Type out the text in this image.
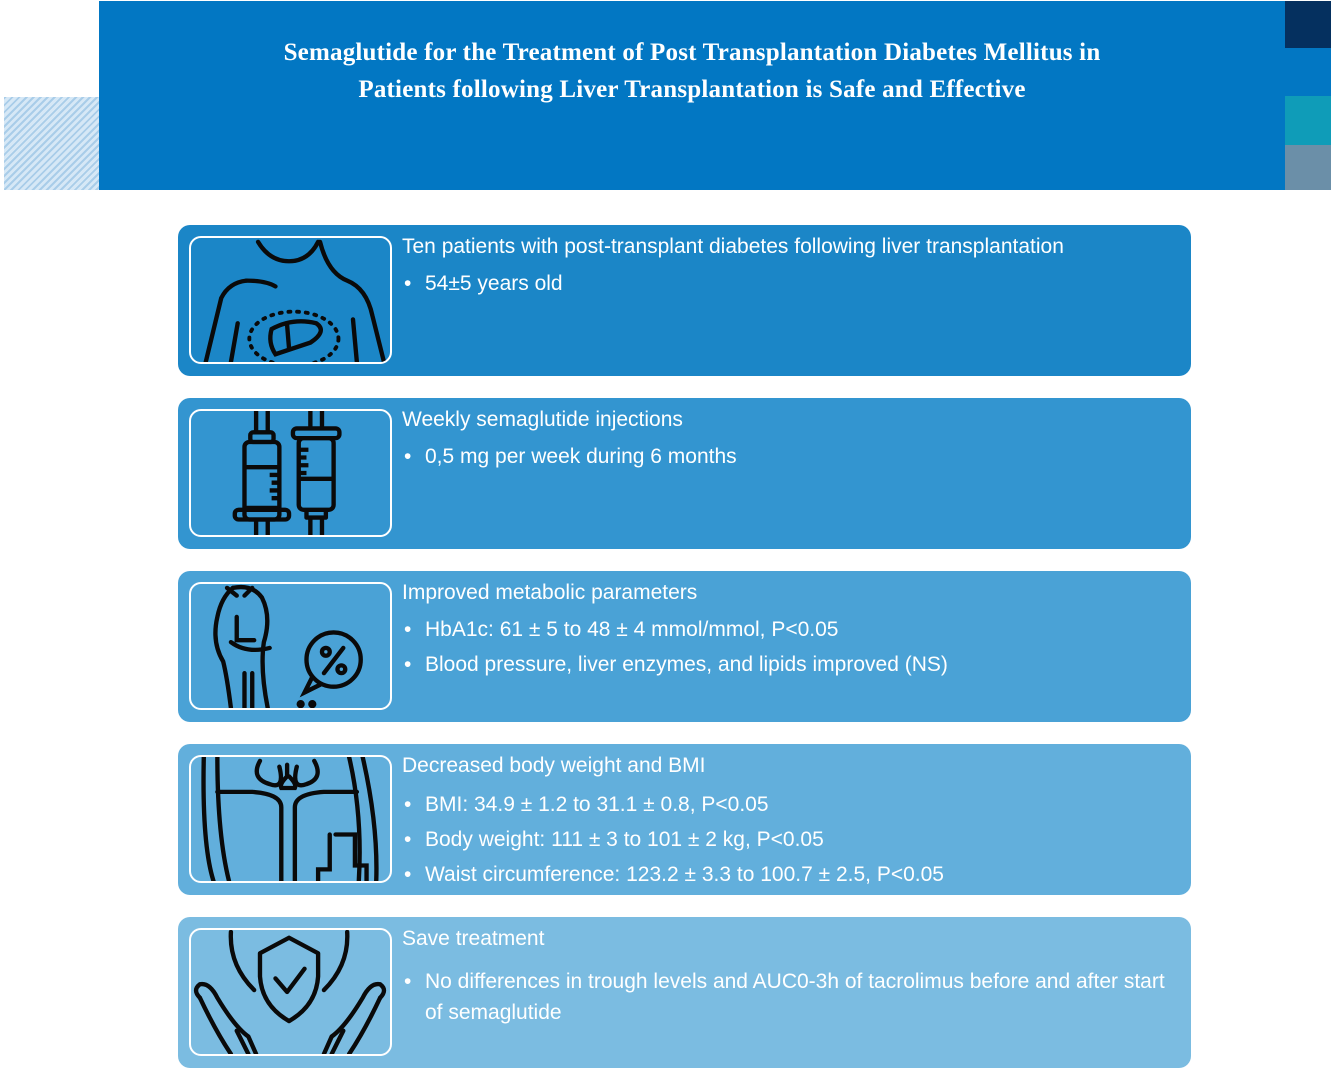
Semaglutide for the Treatment of Post Transplantation Diabetes Mellitus in
Patients following Liver Transplantation is Safe and Effective
Ten patients with post-transplant diabetes following liver transplantation
• 54±5 years old
Weekly semaglutide injections
• 0,5 mg per week during 6 months
Improved metabolic parameters
• HbA1c: 61 ± 5 to 48 ± 4 mmol/mmol, P<0.05
• Blood pressure, liver enzymes, and lipids improved (NS)
Decreased body weight and BMI
• BMI: 34.9 ± 1.2 to 31.1 ± 0.8, P<0.05
• Body weight: 111 ± 3 to 101 ± 2 kg, P<0.05
• Waist circumference: 123.2 ± 3.3 to 100.7 ± 2.5, P<0.05
Save treatment
• No differences in trough levels and AUC0-3h of tacrolimus before and after start of semaglutide
